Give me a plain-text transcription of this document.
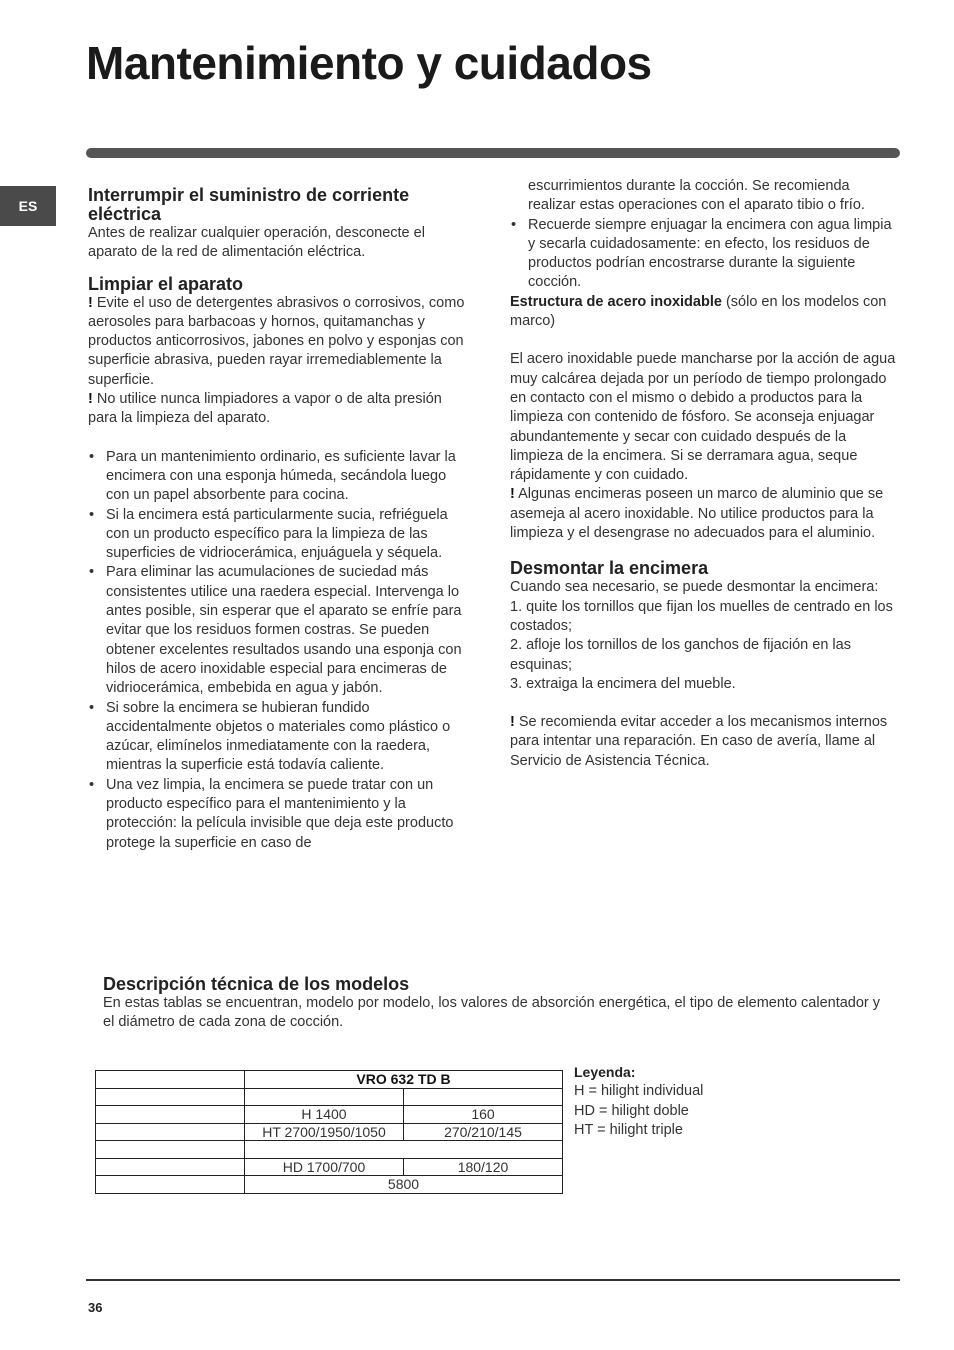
Mantenimiento y cuidados
ES
Interrumpir el suministro de corriente eléctrica

Antes de realizar cualquier operación, desconecte el aparato de la red de alimentación eléctrica.

Limpiar el aparato

! Evite el uso de detergentes abrasivos o corrosivos, como aerosoles para barbacoas y hornos, quitamanchas y productos anticorrosivos, jabones en polvo y esponjas con superficie abrasiva, pueden rayar irremediablemente la superficie.

! No utilice nunca limpiadores a vapor o de alta presión para la limpieza del aparato.

• Para un mantenimiento ordinario, es suficiente lavar la encimera con una esponja húmeda, secándola luego con un papel absorbente para cocina.
• Si la encimera está particularmente sucia, refriéguela con un producto específico para la limpieza de las superficies de vidriocerámica, enjuáguela y séquela.
• Para eliminar las acumulaciones de suciedad más consistentes utilice una raedera especial. Intervenga lo antes posible, sin esperar que el aparato se enfríe para evitar que los residuos formen costras. Se pueden obtener excelentes resultados usando una esponja con hilos de acero inoxidable especial para encimeras de vidriocerámica, embebida en agua y jabón.
• Si sobre la encimera se hubieran fundido accidentalmente objetos o materiales como plástico o azúcar, elimínelos inmediatamente con la raedera, mientras la superficie está todavía caliente.
• Una vez limpia, la encimera se puede tratar con un producto específico para el mantenimiento y la protección: la película invisible que deja este producto protege la superficie en caso de

escurrimientos durante la cocción. Se recomienda realizar estas operaciones con el aparato tibio o frío.

• Recuerde siempre enjuagar la encimera con agua limpia y secarla cuidadosamente: en efecto, los residuos de productos podrían encostrarse durante la siguiente cocción.

Estructura de acero inoxidable (sólo en los modelos con marco)

El acero inoxidable puede mancharse por la acción de agua muy calcárea dejada por un período de tiempo prolongado en contacto con el mismo o debido a productos para la limpieza con contenido de fósforo. Se aconseja enjuagar abundantemente y secar con cuidado después de la limpieza de la encimera. Si se derramara agua, seque rápidamente y con cuidado.

! Algunas encimeras poseen un marco de aluminio que se asemeja al acero inoxidable. No utilice productos para la limpieza y el desengrase no adecuados para el aluminio.

Desmontar la encimera

Cuando sea necesario, se puede desmontar la encimera:

1. quite los tornillos que fijan los muelles de centrado en los costados;

2. afloje los tornillos de los ganchos de fijación en las esquinas;

3. extraiga la encimera del mueble.

! Se recomienda evitar acceder a los mecanismos internos para intentar una reparación. En caso de avería, llame al Servicio de Asistencia Técnica.

Descripción técnica de los modelos

En estas tablas se encuentran, modelo por modelo, los valores de absorción energética, el tipo de elemento calentador y el diámetro de cada zona de cocción.

	VRO 632 TD B	

	H 1400	160
	HT 2700/1950/1050	270/210/145

	HD 1700/700	180/120
	5800	
Leyenda:
H = hilight individual
HD = hilight doble
HT = hilight triple
36
